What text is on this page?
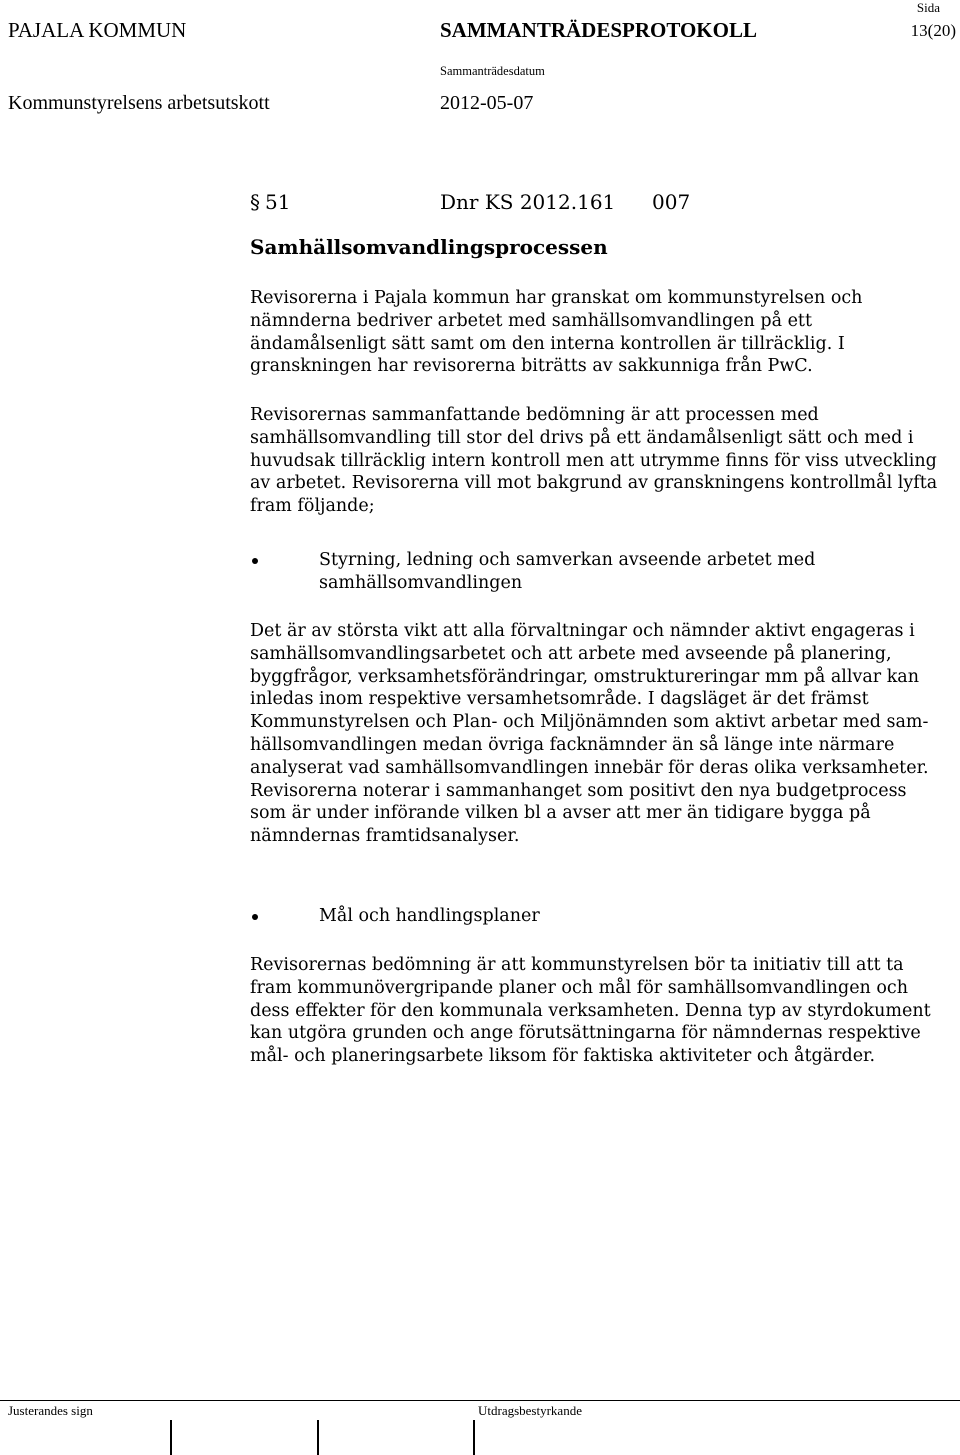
PAJALA KOMMUN	SAMMANTRÄDESPROTOKOLL
Sida
13(20)
Sammanträdesdatum
Kommunstyrelsens arbetsutskott	2012-05-07
§ 51	Dnr KS 2012.161 007
Samhällsomvandlingsprocessen
Revisorerna i Pajala kommun har granskat om kommunstyrelsen och
nämnderna bedriver arbetet med samhällsomvandlingen på ett
ändamålsenligt sätt samt om den interna kontrollen är tillräcklig. I
granskningen har revisorerna biträtts av sakkunniga från PwC.
Revisorernas sammanfattande bedömning är att processen med
samhällsomvandling till stor del drivs på ett ändamålsenligt sätt och med i
huvudsak tillräcklig intern kontroll men att utrymme finns för viss utveckling
av arbetet. Revisorerna vill mot bakgrund av granskningens kontrollmål lyfta
fram följande;
Styrning, ledning och samverkan avseende arbetet med
samhällsomvandlingen
Det är av största vikt att alla förvaltningar och nämnder aktivt engageras i
samhällsomvandlingsarbetet och att arbete med avseende på planering,
byggfrågor, verksamhetsförändringar, omstruktureringar mm på allvar kan
inledas inom respektive versamhetsområde. I dagsläget är det främst
Kommunstyrelsen och Plan- och Miljönämnden som aktivt arbetar med sam-
hällsomvandlingen medan övriga facknämnder än så länge inte närmare
analyserat vad samhällsomvandlingen innebär för deras olika verksamheter.
Revisorerna noterar i sammanhanget som positivt den nya budgetprocess
som är under införande vilken bl a avser att mer än tidigare bygga på
nämndernas framtidsanalyser.
Mål och handlingsplaner
Revisorernas bedömning är att kommunstyrelsen bör ta initiativ till att ta
fram kommunövergripande planer och mål för samhällsomvandlingen och
dess effekter för den kommunala verksamheten. Denna typ av styrdokument
kan utgöra grunden och ange förutsättningarna för nämndernas respektive
mål- och planeringsarbete liksom för faktiska aktiviteter och åtgärder.
Justerandes sign	Utdragsbestyrkande
